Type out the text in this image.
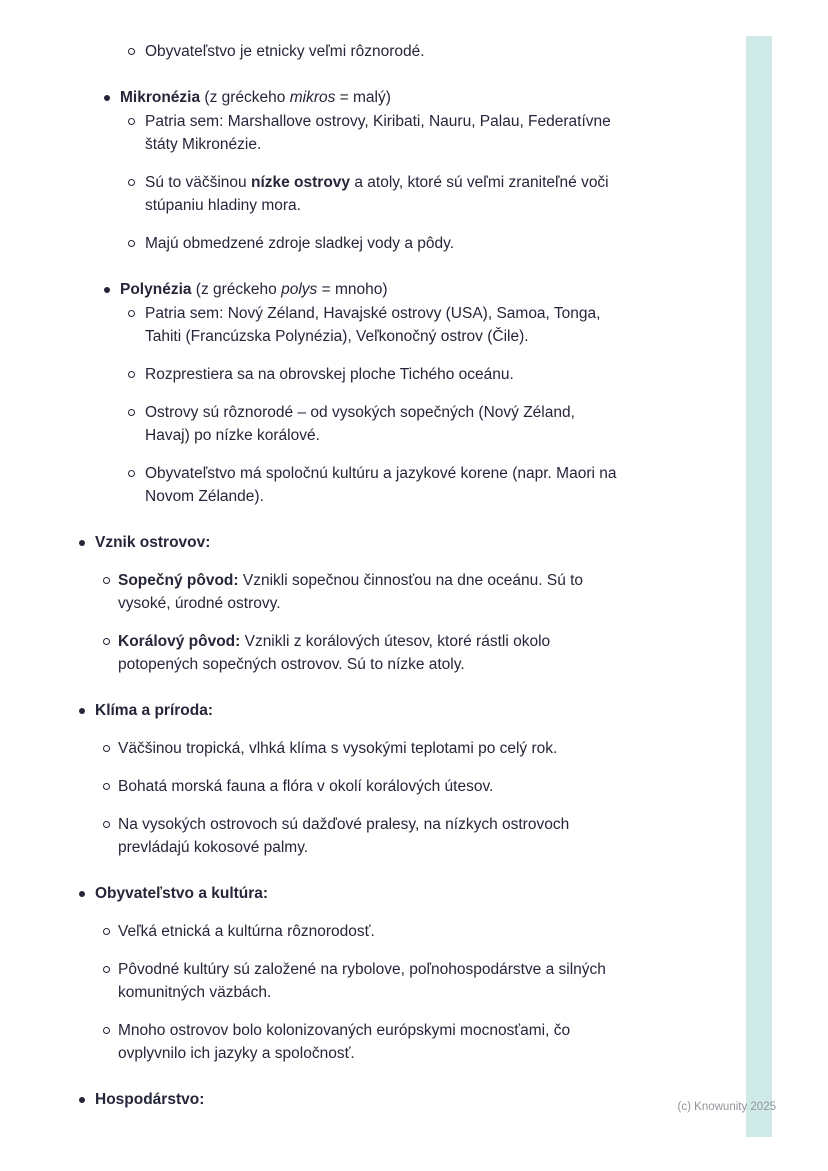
Obyvateľstvo je etnicky veľmi rôznorodé.
Mikronézia (z gréckeho mikros = malý)
Patria sem: Marshallove ostrovy, Kiribati, Nauru, Palau, Federatívne
štáty Mikronézie.
Sú to väčšinou nízke ostrovy a atoly, ktoré sú veľmi zraniteľné voči
stúpaniu hladiny mora.
Majú obmedzené zdroje sladkej vody a pôdy.
Polynézia (z gréckeho polys = mnoho)
Patria sem: Nový Zéland, Havajské ostrovy (USA), Samoa, Tonga,
Tahiti (Francúzska Polynézia), Veľkonočný ostrov (Čile).
Rozprestiera sa na obrovskej ploche Tichého oceánu.
Ostrovy sú rôznorodé – od vysokých sopečných (Nový Zéland,
Havaj) po nízke korálové.
Obyvateľstvo má spoločnú kultúru a jazykové korene (napr. Maori na
Novom Zélande).
Vznik ostrovov:
Sopečný pôvod: Vznikli sopečnou činnosťou na dne oceánu. Sú to
vysoké, úrodné ostrovy.
Korálový pôvod: Vznikli z korálových útesov, ktoré rástli okolo
potopených sopečných ostrovov. Sú to nízke atoly.
Klíma a príroda:
Väčšinou tropická, vlhká klíma s vysokými teplotami po celý rok.
Bohatá morská fauna a flóra v okolí korálových útesov.
Na vysokých ostrovoch sú dažďové pralesy, na nízkych ostrovoch
prevládajú kokosové palmy.
Obyvateľstvo a kultúra:
Veľká etnická a kultúrna rôznorodosť.
Pôvodné kultúry sú založené na rybolove, poľnohospodárstve a silných
komunitných väzbách.
Mnoho ostrovov bolo kolonizovaných európskymi mocnosťami, čo
ovplyvnilo ich jazyky a spoločnosť.
Hospodárstvo:	(c) Knowunity 2025
